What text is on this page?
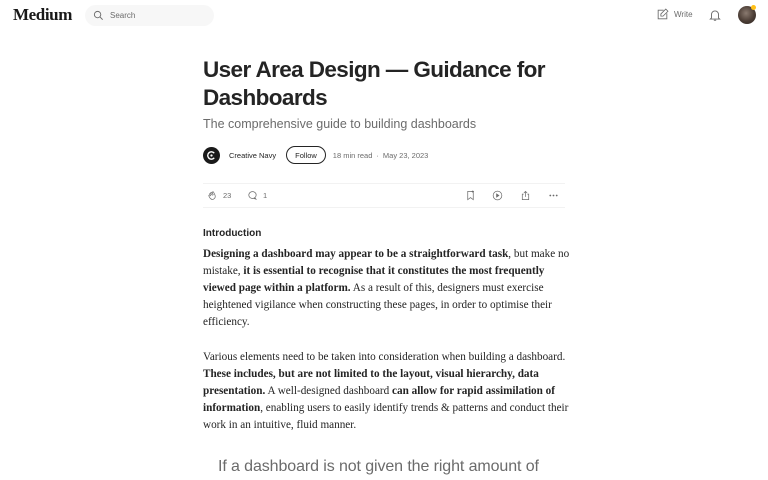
Medium
Search	Write
User Area Design — Guidance for Dashboards
The comprehensive guide to building dashboards
Creative Navy	Follow	18 min read · May 23, 2023
23	1
Introduction

Designing a dashboard may appear to be a straightforward task, but make no mistake, it is essential to recognise that it constitutes the most frequently viewed page within a platform. As a result of this, designers must exercise heightened vigilance when constructing these pages, in order to optimise their efficiency.

Various elements need to be taken into consideration when building a dashboard. These includes, but are not limited to the layout, visual hierarchy, data presentation. A well-designed dashboard can allow for rapid assimilation of information, enabling users to easily identify trends & patterns and conduct their work in an intuitive, fluid manner.

If a dashboard is not given the right amount of
